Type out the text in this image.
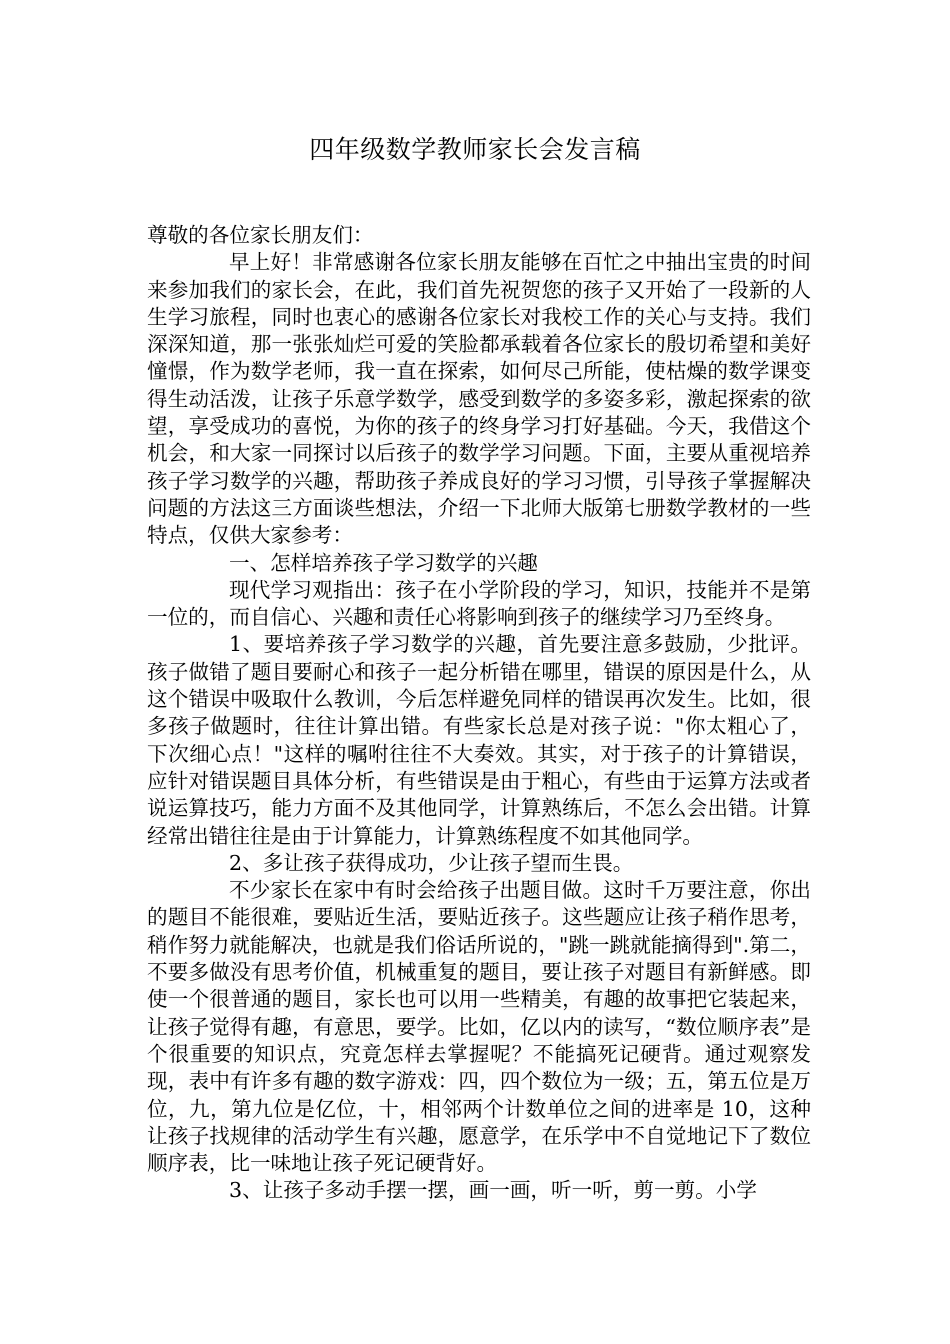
四年级数学教师家长会发言稿

尊敬的各位家长朋友们：

早上好！非常感谢各位家长朋友能够在百忙之中抽出宝贵的时间来参加我们的家长会，在此，我们首先祝贺您的孩子又开始了一段新的人生学习旅程，同时也衷心的感谢各位家长对我校工作的关心与支持。我们深深知道，那一张张灿烂可爱的笑脸都承载着各位家长的殷切希望和美好憧憬，作为数学老师，我一直在探索，如何尽己所能，使枯燥的数学课变得生动活泼，让孩子乐意学数学，感受到数学的多姿多彩，激起探索的欲望，享受成功的喜悦，为你的孩子的终身学习打好基础。今天，我借这个机会，和大家一同探讨以后孩子的数学学习问题。下面，主要从重视培养孩子学习数学的兴趣，帮助孩子养成良好的学习习惯，引导孩子掌握解决问题的方法这三方面谈些想法，介绍一下北师大版第七册数学教材的一些特点，仅供大家参考：

一、怎样培养孩子学习数学的兴趣

现代学习观指出：孩子在小学阶段的学习，知识，技能并不是第一位的，而自信心、兴趣和责任心将影响到孩子的继续学习乃至终身。

1、要培养孩子学习数学的兴趣，首先要注意多鼓励，少批评。孩子做错了题目要耐心和孩子一起分析错在哪里，错误的原因是什么，从这个错误中吸取什么教训，今后怎样避免同样的错误再次发生。比如，很多孩子做题时，往往计算出错。有些家长总是对孩子说："你太粗心了，下次细心点！"这样的嘱咐往往不大奏效。其实，对于孩子的计算错误，应针对错误题目具体分析，有些错误是由于粗心，有些由于运算方法或者说运算技巧，能力方面不及其他同学，计算熟练后，不怎么会出错。计算经常出错往往是由于计算能力，计算熟练程度不如其他同学。

2、多让孩子获得成功，少让孩子望而生畏。

不少家长在家中有时会给孩子出题目做。这时千万要注意，你出的题目不能很难，要贴近生活，要贴近孩子。这些题应让孩子稍作思考，稍作努力就能解决，也就是我们俗话所说的，"跳一跳就能摘得到".第二，不要多做没有思考价值，机械重复的题目，要让孩子对题目有新鲜感。即使一个很普通的题目，家长也可以用一些精美，有趣的故事把它装起来，让孩子觉得有趣，有意思，要学。比如，亿以内的读写，“数位顺序表”是个很重要的知识点，究竟怎样去掌握呢？不能搞死记硬背。通过观察发现，表中有许多有趣的数字游戏：四，四个数位为一级；五，第五位是万位，九，第九位是亿位，十，相邻两个计数单位之间的进率是 10，这种让孩子找规律的活动学生有兴趣，愿意学，在乐学中不自觉地记下了数位顺序表，比一味地让孩子死记硬背好。

3、让孩子多动手摆一摆，画一画，听一听，剪一剪。小学
